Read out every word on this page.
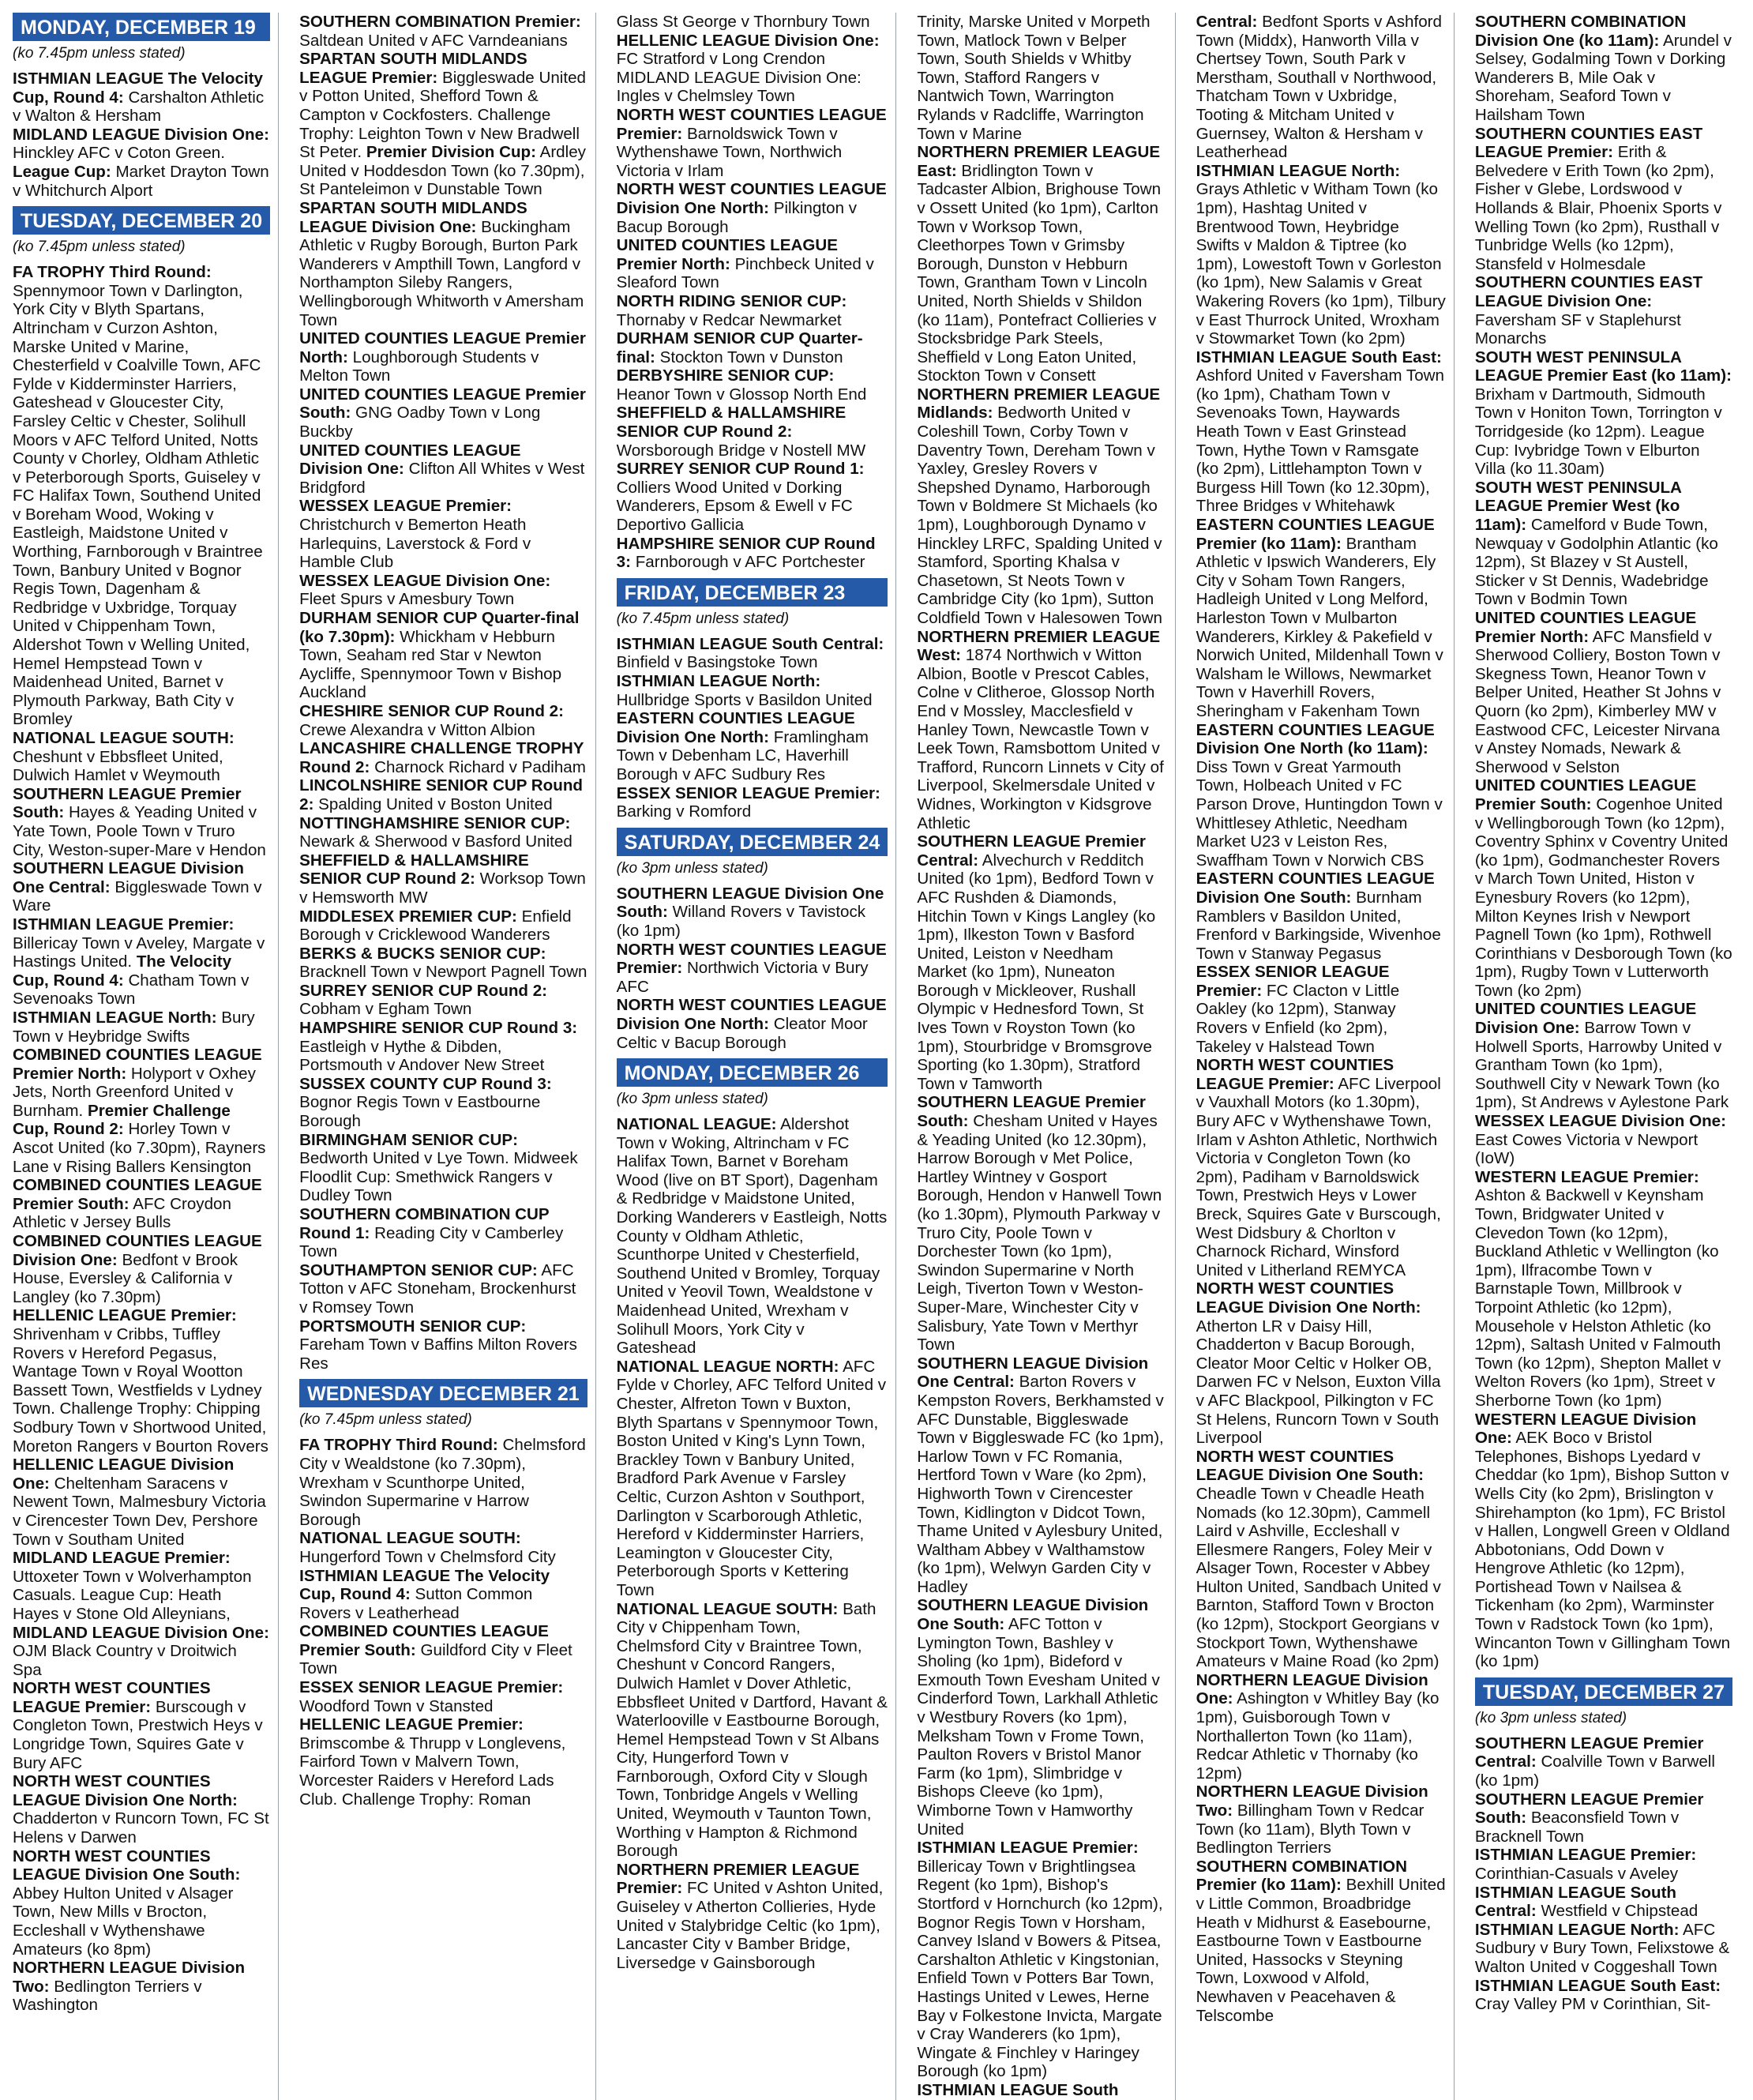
MONDAY, DECEMBER 19
(ko 7.45pm unless stated)

ISTHMIAN LEAGUE The Velocity Cup, Round 4: Carshalton Athletic v Walton & Hersham

MIDLAND LEAGUE Division One: Hinckley AFC v Coton Green.

League Cup: Market Drayton Town v Whitchurch Alport

TUESDAY, DECEMBER 20
(ko 7.45pm unless stated)

FA TROPHY Third Round: Spennymoor Town v Darlington, York City v Blyth Spartans, Altrincham v Curzon Ashton, Marske United v Marine, Chesterfield v Coalville Town, AFC Fylde v Kidderminster Harriers, Gateshead v Gloucester City, Farsley Celtic v Chester, Solihull Moors v AFC Telford United, Notts County v Chorley, Oldham Athletic v Peterborough Sports, Guiseley v FC Halifax Town, Southend United v Boreham Wood, Woking v Eastleigh, Maidstone United v Worthing, Farnborough v Braintree Town, Banbury United v Bognor Regis Town, Dagenham & Redbridge v Uxbridge, Torquay United v Chippenham Town, Aldershot Town v Welling United, Hemel Hempstead Town v Maidenhead United, Barnet v Plymouth Parkway, Bath City v Bromley

NATIONAL LEAGUE SOUTH: Cheshunt v Ebbsfleet United, Dulwich Hamlet v Weymouth

SOUTHERN LEAGUE Premier South: Hayes & Yeading United v Yate Town, Poole Town v Truro City, Weston-super-Mare v Hendon

SOUTHERN LEAGUE Division One Central: Biggleswade Town v Ware

ISTHMIAN LEAGUE Premier: Billericay Town v Aveley, Margate v Hastings United. The Velocity Cup, Round 4: Chatham Town v Sevenoaks Town

ISTHMIAN LEAGUE North: Bury Town v Heybridge Swifts

COMBINED COUNTIES LEAGUE Premier North: Holyport v Oxhey Jets, North Greenford United v Burnham. Premier Challenge Cup, Round 2: Horley Town v Ascot United (ko 7.30pm), Rayners Lane v Rising Ballers Kensington

COMBINED COUNTIES LEAGUE Premier South: AFC Croydon Athletic v Jersey Bulls

COMBINED COUNTIES LEAGUE Division One: Bedfont v Brook House, Eversley & California v Langley (ko 7.30pm)

HELLENIC LEAGUE Premier: Shrivenham v Cribbs, Tuffley Rovers v Hereford Pegasus, Wantage Town v Royal Wootton Bassett Town, Westfields v Lydney Town. Challenge Trophy: Chipping Sodbury Town v Shortwood United, Moreton Rangers v Bourton Rovers

HELLENIC LEAGUE Division One: Cheltenham Saracens v Newent Town, Malmesbury Victoria v Cirencester Town Dev, Pershore Town v Southam United

MIDLAND LEAGUE Premier: Uttoxeter Town v Wolverhampton Casuals. League Cup: Heath Hayes v Stone Old Alleynians,

MIDLAND LEAGUE Division One: OJM Black Country v Droitwich Spa

NORTH WEST COUNTIES LEAGUE Premier: Burscough v Congleton Town, Prestwich Heys v Longridge Town, Squires Gate v Bury AFC

NORTH WEST COUNTIES LEAGUE Division One North: Chadderton v Runcorn Town, FC St Helens v Darwen

NORTH WEST COUNTIES LEAGUE Division One South: Abbey Hulton United v Alsager Town, New Mills v Brocton, Eccleshall v Wythenshawe Amateurs (ko 8pm)

NORTHERN LEAGUE Division Two: Bedlington Terriers v Washington

SOUTHERN COMBINATION Premier: Saltdean United v AFC Varndeanians

SPARTAN SOUTH MIDLANDS LEAGUE Premier: Biggleswade United v Potton United, Shefford Town & Campton v Cockfosters. Challenge Trophy: Leighton Town v New Bradwell St Peter. Premier Division Cup: Ardley United v Hoddesdon Town (ko 7.30pm), St Panteleimon v Dunstable Town

SPARTAN SOUTH MIDLANDS LEAGUE Division One: Buckingham Athletic v Rugby Borough, Burton Park Wanderers v Ampthill Town, Langford v Northampton Sileby Rangers, Wellingborough Whitworth v Amersham Town

UNITED COUNTIES LEAGUE Premier North: Loughborough Students v Melton Town

UNITED COUNTIES LEAGUE Premier South: GNG Oadby Town v Long Buckby

UNITED COUNTIES LEAGUE Division One: Clifton All Whites v West Bridgford

WESSEX LEAGUE Premier: Christchurch v Bemerton Heath Harlequins, Laverstock & Ford v Hamble Club

WESSEX LEAGUE Division One: Fleet Spurs v Amesbury Town

DURHAM SENIOR CUP Quarter-final (ko 7.30pm): Whickham v Hebburn Town, Seaham red Star v Newton Aycliffe, Spennymoor Town v Bishop Auckland

CHESHIRE SENIOR CUP Round 2: Crewe Alexandra v Witton Albion

LANCASHIRE CHALLENGE TROPHY Round 2: Charnock Richard v Padiham

LINCOLNSHIRE SENIOR CUP Round 2: Spalding United v Boston United

NOTTINGHAMSHIRE SENIOR CUP: Newark & Sherwood v Basford United

SHEFFIELD & HALLAMSHIRE SENIOR CUP Round 2: Worksop Town v Hemsworth MW

MIDDLESEX PREMIER CUP: Enfield Borough v Cricklewood Wanderers

BERKS & BUCKS SENIOR CUP: Bracknell Town v Newport Pagnell Town

SURREY SENIOR CUP Round 2: Cobham v Egham Town

HAMPSHIRE SENIOR CUP Round 3: Eastleigh v Hythe & Dibden, Portsmouth v Andover New Street

SUSSEX COUNTY CUP Round 3: Bognor Regis Town v Eastbourne Borough

BIRMINGHAM SENIOR CUP: Bedworth United v Lye Town. Midweek Floodlit Cup: Smethwick Rangers v Dudley Town

SOUTHERN COMBINATION CUP Round 1: Reading City v Camberley Town

SOUTHAMPTON SENIOR CUP: AFC Totton v AFC Stoneham, Brockenhurst v Romsey Town

PORTSMOUTH SENIOR CUP: Fareham Town v Baffins Milton Rovers Res

WEDNESDAY DECEMBER 21
(ko 7.45pm unless stated)

FA TROPHY Third Round: Chelmsford City v Wealdstone (ko 7.30pm), Wrexham v Scunthorpe United, Swindon Supermarine v Harrow Borough

NATIONAL LEAGUE SOUTH: Hungerford Town v Chelmsford City

ISTHMIAN LEAGUE The Velocity Cup, Round 4: Sutton Common Rovers v Leatherhead

COMBINED COUNTIES LEAGUE Premier South: Guildford City v Fleet Town

ESSEX SENIOR LEAGUE Premier: Woodford Town v Stansted

HELLENIC LEAGUE Premier: Brimscombe & Thrupp v Longlevens, Fairford Town v Malvern Town, Worcester Raiders v Hereford Lads Club. Challenge Trophy: Roman

Glass St George v Thornbury Town

HELLENIC LEAGUE Division One: FC Stratford v Long Crendon

MIDLAND LEAGUE Division One: Ingles v Chelmsley Town

NORTH WEST COUNTIES LEAGUE Premier: Barnoldswick Town v Wythenshawe Town, Northwich Victoria v Irlam

NORTH WEST COUNTIES LEAGUE Division One North: Pilkington v Bacup Borough

UNITED COUNTIES LEAGUE Premier North: Pinchbeck United v Sleaford Town

NORTH RIDING SENIOR CUP: Thornaby v Redcar Newmarket

DURHAM SENIOR CUP Quarter-final: Stockton Town v Dunston

DERBYSHIRE SENIOR CUP: Heanor Town v Glossop North End

SHEFFIELD & HALLAMSHIRE SENIOR CUP Round 2: Worsborough Bridge v Nostell MW

SURREY SENIOR CUP Round 1: Colliers Wood United v Dorking Wanderers, Epsom & Ewell v FC Deportivo Gallicia

HAMPSHIRE SENIOR CUP Round 3: Farnborough v AFC Portchester

FRIDAY, DECEMBER 23
(ko 7.45pm unless stated)

ISTHMIAN LEAGUE South Central: Binfield v Basingstoke Town

ISTHMIAN LEAGUE North: Hullbridge Sports v Basildon United

EASTERN COUNTIES LEAGUE Division One North: Framlingham Town v Debenham LC, Haverhill Borough v AFC Sudbury Res

ESSEX SENIOR LEAGUE Premier: Barking v Romford

SATURDAY, DECEMBER 24
(ko 3pm unless stated)

SOUTHERN LEAGUE Division One South: Willand Rovers v Tavistock (ko 1pm)

NORTH WEST COUNTIES LEAGUE Premier: Northwich Victoria v Bury AFC

NORTH WEST COUNTIES LEAGUE Division One North: Cleator Moor Celtic v Bacup Borough

MONDAY, DECEMBER 26
(ko 3pm unless stated)

NATIONAL LEAGUE: Aldershot Town v Woking, Altrincham v FC Halifax Town, Barnet v Boreham Wood (live on BT Sport), Dagenham & Redbridge v Maidstone United, Dorking Wanderers v Eastleigh, Notts County v Oldham Athletic, Scunthorpe United v Chesterfield, Southend United v Bromley, Torquay United v Yeovil Town, Wealdstone v Maidenhead United, Wrexham v Solihull Moors, York City v Gateshead

NATIONAL LEAGUE NORTH: AFC Fylde v Chorley, AFC Telford United v Chester, Alfreton Town v Buxton, Blyth Spartans v Spennymoor Town, Boston United v King's Lynn Town, Brackley Town v Banbury United, Bradford Park Avenue v Farsley Celtic, Curzon Ashton v Southport, Darlington v Scarborough Athletic, Hereford v Kidderminster Harriers, Leamington v Gloucester City, Peterborough Sports v Kettering Town

NATIONAL LEAGUE SOUTH: Bath City v Chippenham Town, Chelmsford City v Braintree Town, Cheshunt v Concord Rangers, Dulwich Hamlet v Dover Athletic, Ebbsfleet United v Dartford, Havant & Waterlooville v Eastbourne Borough, Hemel Hempstead Town v St Albans City, Hungerford Town v Farnborough, Oxford City v Slough Town, Tonbridge Angels v Welling United, Weymouth v Taunton Town, Worthing v Hampton & Richmond Borough

NORTHERN PREMIER LEAGUE Premier: FC United v Ashton United, Guiseley v Atherton Collieries, Hyde United v Stalybridge Celtic (ko 1pm), Lancaster City v Bamber Bridge, Liversedge v Gainsborough

Trinity, Marske United v Morpeth Town, Matlock Town v Belper Town, South Shields v Whitby Town, Stafford Rangers v Nantwich Town, Warrington Rylands v Radcliffe, Warrington Town v Marine

NORTHERN PREMIER LEAGUE East: Bridlington Town v Tadcaster Albion, Brighouse Town v Ossett United (ko 1pm), Carlton Town v Worksop Town, Cleethorpes Town v Grimsby Borough, Dunston v Hebburn Town, Grantham Town v Lincoln United, North Shields v Shildon (ko 11am), Pontefract Collieries v Stocksbridge Park Steels, Sheffield v Long Eaton United, Stockton Town v Consett

NORTHERN PREMIER LEAGUE Midlands: Bedworth United v Coleshill Town, Corby Town v Daventry Town, Dereham Town v Yaxley, Gresley Rovers v Shepshed Dynamo, Harborough Town v Boldmere St Michaels (ko 1pm), Loughborough Dynamo v Hinckley LRFC, Spalding United v Stamford, Sporting Khalsa v Chasetown, St Neots Town v Cambridge City (ko 1pm), Sutton Coldfield Town v Halesowen Town

NORTHERN PREMIER LEAGUE West: 1874 Northwich v Witton Albion, Bootle v Prescot Cables, Colne v Clitheroe, Glossop North End v Mossley, Macclesfield v Hanley Town, Newcastle Town v Leek Town, Ramsbottom United v Trafford, Runcorn Linnets v City of Liverpool, Skelmersdale United v Widnes, Workington v Kidsgrove Athletic

SOUTHERN LEAGUE Premier Central: Alvechurch v Redditch United (ko 1pm), Bedford Town v AFC Rushden & Diamonds, Hitchin Town v Kings Langley (ko 1pm), Ilkeston Town v Basford United, Leiston v Needham Market (ko 1pm), Nuneaton Borough v Mickleover, Rushall Olympic v Hednesford Town, St Ives Town v Royston Town (ko 1pm), Stourbridge v Bromsgrove Sporting (ko 1.30pm), Stratford Town v Tamworth

SOUTHERN LEAGUE Premier South: Chesham United v Hayes & Yeading United (ko 12.30pm), Harrow Borough v Met Police, Hartley Wintney v Gosport Borough, Hendon v Hanwell Town (ko 1.30pm), Plymouth Parkway v Truro City, Poole Town v Dorchester Town (ko 1pm), Swindon Supermarine v North Leigh, Tiverton Town v Weston-Super-Mare, Winchester City v Salisbury, Yate Town v Merthyr Town

SOUTHERN LEAGUE Division One Central: Barton Rovers v Kempston Rovers, Berkhamsted v AFC Dunstable, Biggleswade Town v Biggleswade FC (ko 1pm), Harlow Town v FC Romania, Hertford Town v Ware (ko 2pm), Highworth Town v Cirencester Town, Kidlington v Didcot Town, Thame United v Aylesbury United, Waltham Abbey v Walthamstow (ko 1pm), Welwyn Garden City v Hadley

SOUTHERN LEAGUE Division One South: AFC Totton v Lymington Town, Bashley v Sholing (ko 1pm), Bideford v Exmouth Town Evesham United v Cinderford Town, Larkhall Athletic v Westbury Rovers (ko 1pm), Melksham Town v Frome Town, Paulton Rovers v Bristol Manor Farm (ko 1pm), Slimbridge v Bishops Cleeve (ko 1pm), Wimborne Town v Hamworthy United

ISTHMIAN LEAGUE Premier: Billericay Town v Brightlingsea Regent (ko 1pm), Bishop's Stortford v Hornchurch (ko 12pm), Bognor Regis Town v Horsham, Canvey Island v Bowers & Pitsea, Carshalton Athletic v Kingstonian, Enfield Town v Potters Bar Town, Hastings United v Lewes, Herne Bay v Folkestone Invicta, Margate v Cray Wanderers (ko 1pm), Wingate & Finchley v Haringey Borough (ko 1pm)

ISTHMIAN LEAGUE South

Central: Bedfont Sports v Ashford Town (Middx), Hanworth Villa v Chertsey Town, South Park v Merstham, Southall v Northwood, Thatcham Town v Uxbridge, Tooting & Mitcham United v Guernsey, Walton & Hersham v Leatherhead

ISTHMIAN LEAGUE North: Grays Athletic v Witham Town (ko 1pm), Hashtag United v Brentwood Town, Heybridge Swifts v Maldon & Tiptree (ko 1pm), Lowestoft Town v Gorleston (ko 1pm), New Salamis v Great Wakering Rovers (ko 1pm), Tilbury v East Thurrock United, Wroxham v Stowmarket Town (ko 2pm)

ISTHMIAN LEAGUE South East: Ashford United v Faversham Town (ko 1pm), Chatham Town v Sevenoaks Town, Haywards Heath Town v East Grinstead Town, Hythe Town v Ramsgate (ko 2pm), Littlehampton Town v Burgess Hill Town (ko 12.30pm), Three Bridges v Whitehawk

EASTERN COUNTIES LEAGUE Premier (ko 11am): Brantham Athletic v Ipswich Wanderers, Ely City v Soham Town Rangers, Hadleigh United v Long Melford, Harleston Town v Mulbarton Wanderers, Kirkley & Pakefield v Norwich United, Mildenhall Town v Walsham le Willows, Newmarket Town v Haverhill Rovers, Sheringham v Fakenham Town

EASTERN COUNTIES LEAGUE Division One North (ko 11am): Diss Town v Great Yarmouth Town, Holbeach United v FC Parson Drove, Huntingdon Town v Whittlesey Athletic, Needham Market U23 v Leiston Res, Swaffham Town v Norwich CBS

EASTERN COUNTIES LEAGUE Division One South: Burnham Ramblers v Basildon United, Frenford v Barkingside, Wivenhoe Town v Stanway Pegasus

ESSEX SENIOR LEAGUE Premier: FC Clacton v Little Oakley (ko 12pm), Stanway Rovers v Enfield (ko 2pm), Takeley v Halstead Town

NORTH WEST COUNTIES LEAGUE Premier: AFC Liverpool v Vauxhall Motors (ko 1.30pm), Bury AFC v Wythenshawe Town, Irlam v Ashton Athletic, Northwich Victoria v Congleton Town (ko 2pm), Padiham v Barnoldswick Town, Prestwich Heys v Lower Breck, Squires Gate v Burscough, West Didsbury & Chorlton v Charnock Richard, Winsford United v Litherland REMYCA

NORTH WEST COUNTIES LEAGUE Division One North: Atherton LR v Daisy Hill, Chadderton v Bacup Borough, Cleator Moor Celtic v Holker OB, Darwen FC v Nelson, Euxton Villa v AFC Blackpool, Pilkington v FC St Helens, Runcorn Town v South Liverpool

NORTH WEST COUNTIES LEAGUE Division One South: Cheadle Town v Cheadle Heath Nomads (ko 12.30pm), Cammell Laird v Ashville, Eccleshall v Ellesmere Rangers, Foley Meir v Alsager Town, Rocester v Abbey Hulton United, Sandbach United v Barnton, Stafford Town v Brocton (ko 12pm), Stockport Georgians v Stockport Town, Wythenshawe Amateurs v Maine Road (ko 2pm)

NORTHERN LEAGUE Division One: Ashington v Whitley Bay (ko 1pm), Guisborough Town v Northallerton Town (ko 11am), Redcar Athletic v Thornaby (ko 12pm)

NORTHERN LEAGUE Division Two: Billingham Town v Redcar Town (ko 11am), Blyth Town v Bedlington Terriers

SOUTHERN COMBINATION Premier (ko 11am): Bexhill United v Little Common, Broadbridge Heath v Midhurst & Easebourne, Eastbourne Town v Eastbourne United, Hassocks v Steyning Town, Loxwood v Alfold, Newhaven v Peacehaven & Telscombe

SOUTHERN COMBINATION Division One (ko 11am): Arundel v Selsey, Godalming Town v Dorking Wanderers B, Mile Oak v Shoreham, Seaford Town v Hailsham Town

SOUTHERN COUNTIES EAST LEAGUE Premier: Erith & Belvedere v Erith Town (ko 2pm), Fisher v Glebe, Lordswood v Hollands & Blair, Phoenix Sports v Welling Town (ko 2pm), Rusthall v Tunbridge Wells (ko 12pm), Stansfeld v Holmesdale

SOUTHERN COUNTIES EAST LEAGUE Division One: Faversham SF v Staplehurst Monarchs

SOUTH WEST PENINSULA LEAGUE Premier East (ko 11am): Brixham v Dartmouth, Sidmouth Town v Honiton Town, Torrington v Torridgeside (ko 12pm). League Cup: Ivybridge Town v Elburton Villa (ko 11.30am)

SOUTH WEST PENINSULA LEAGUE Premier West (ko 11am): Camelford v Bude Town, Newquay v Godolphin Atlantic (ko 12pm), St Blazey v St Austell, Sticker v St Dennis, Wadebridge Town v Bodmin Town

UNITED COUNTIES LEAGUE Premier North: AFC Mansfield v Sherwood Colliery, Boston Town v Skegness Town, Heanor Town v Belper United, Heather St Johns v Quorn (ko 2pm), Kimberley MW v Eastwood CFC, Leicester Nirvana v Anstey Nomads, Newark & Sherwood v Selston

UNITED COUNTIES LEAGUE Premier South: Cogenhoe United v Wellingborough Town (ko 12pm), Coventry Sphinx v Coventry United (ko 1pm), Godmanchester Rovers v March Town United, Histon v Eynesbury Rovers (ko 12pm), Milton Keynes Irish v Newport Pagnell Town (ko 1pm), Rothwell Corinthians v Desborough Town (ko 1pm), Rugby Town v Lutterworth Town (ko 2pm)

UNITED COUNTIES LEAGUE Division One: Barrow Town v Holwell Sports, Harrowby United v Grantham Town (ko 1pm), Southwell City v Newark Town (ko 1pm), St Andrews v Aylestone Park

WESSEX LEAGUE Division One: East Cowes Victoria v Newport (IoW)

WESTERN LEAGUE Premier: Ashton & Backwell v Keynsham Town, Bridgwater United v Clevedon Town (ko 12pm), Buckland Athletic v Wellington (ko 1pm), Ilfracombe Town v Barnstaple Town, Millbrook v Torpoint Athletic (ko 12pm), Mousehole v Helston Athletic (ko 12pm), Saltash United v Falmouth Town (ko 12pm), Shepton Mallet v Welton Rovers (ko 1pm), Street v Sherborne Town (ko 1pm)

WESTERN LEAGUE Division One: AEK Boco v Bristol Telephones, Bishops Lyedard v Cheddar (ko 1pm), Bishop Sutton v Wells City (ko 2pm), Brislington v Shirehampton (ko 1pm), FC Bristol v Hallen, Longwell Green v Oldland Abbotonians, Odd Down v Hengrove Athletic (ko 12pm), Portishead Town v Nailsea & Tickenham (ko 2pm), Warminster Town v Radstock Town (ko 1pm), Wincanton Town v Gillingham Town (ko 1pm)

TUESDAY, DECEMBER 27
(ko 3pm unless stated)

SOUTHERN LEAGUE Premier Central: Coalville Town v Barwell (ko 1pm)

SOUTHERN LEAGUE Premier South: Beaconsfield Town v Bracknell Town

ISTHMIAN LEAGUE Premier: Corinthian-Casuals v Aveley

ISTHMIAN LEAGUE South Central: Westfield v Chipstead

ISTHMIAN LEAGUE North: AFC Sudbury v Bury Town, Felixstowe & Walton United v Coggeshall Town

ISTHMIAN LEAGUE South East: Cray Valley PM v Corinthian, Sit-
